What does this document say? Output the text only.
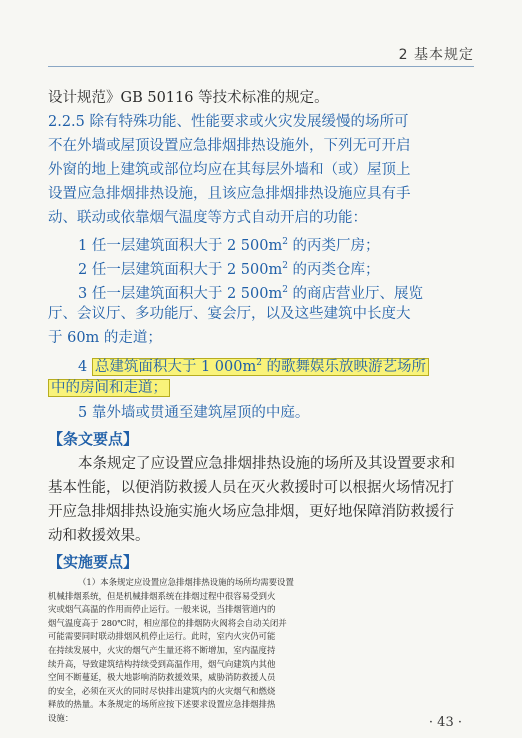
2 基本规定
设计规范》GB 50116 等技术标准的规定。
2.2.5 除有特殊功能、性能要求或火灾发展缓慢的场所可
不在外墙或屋顶设置应急排烟排热设施外，下列无可开启
外窗的地上建筑或部位均应在其每层外墙和（或）屋顶上
设置应急排烟排热设施，且该应急排烟排热设施应具有手
动、联动或依靠烟气温度等方式自动开启的功能：
1 任一层建筑面积大于 2 $500m^2$ 的丙类厂房；
2 任一层建筑面积大于 2 $500m^2$ 的丙类仓库；
3 任一层建筑面积大于 2 $500m^2$ 的商店营业厅、展览
厅、会议厅、多功能厅、宴会厅，以及这些建筑中长度大
于 60m 的走道；
4 总建筑面积大于 1 $000m^2$ 的歌舞娱乐放映游艺场所
中的房间和走道；
5 靠外墙或贯通至建筑屋顶的中庭。
【条文要点】
本条规定了应设置应急排烟排热设施的场所及其设置要求和
基本性能，以便消防救援人员在灭火救援时可以根据火场情况打
开应急排烟排热设施实施火场应急排烟，更好地保障消防救援行
动和救援效果。
【实施要点】
（1）本条规定应设置应急排烟排热设施的场所均需要设置
机械排烟系统，但是机械排烟系统在排烟过程中很容易受到火
灾或烟气高温的作用而停止运行。一般来说，当排烟管道内的
烟气温度高于 280℃时，相应部位的排烟防火阀将会自动关闭并
可能需要同时联动排烟风机停止运行。此时，室内火灾仍可能
· 43 ·
在持续发展中，火灾的烟气产生量还将不断增加，室内温度持
续升高，导致建筑结构持续受到高温作用，烟气向建筑内其他
空间不断蔓延，极大地影响消防救援效果，威胁消防救援人员
的安全，必须在灭火的同时尽快排出建筑内的火灾烟气和燃烧
释放的热量。本条规定的场所应按下述要求设置应急排烟排热
设施：
